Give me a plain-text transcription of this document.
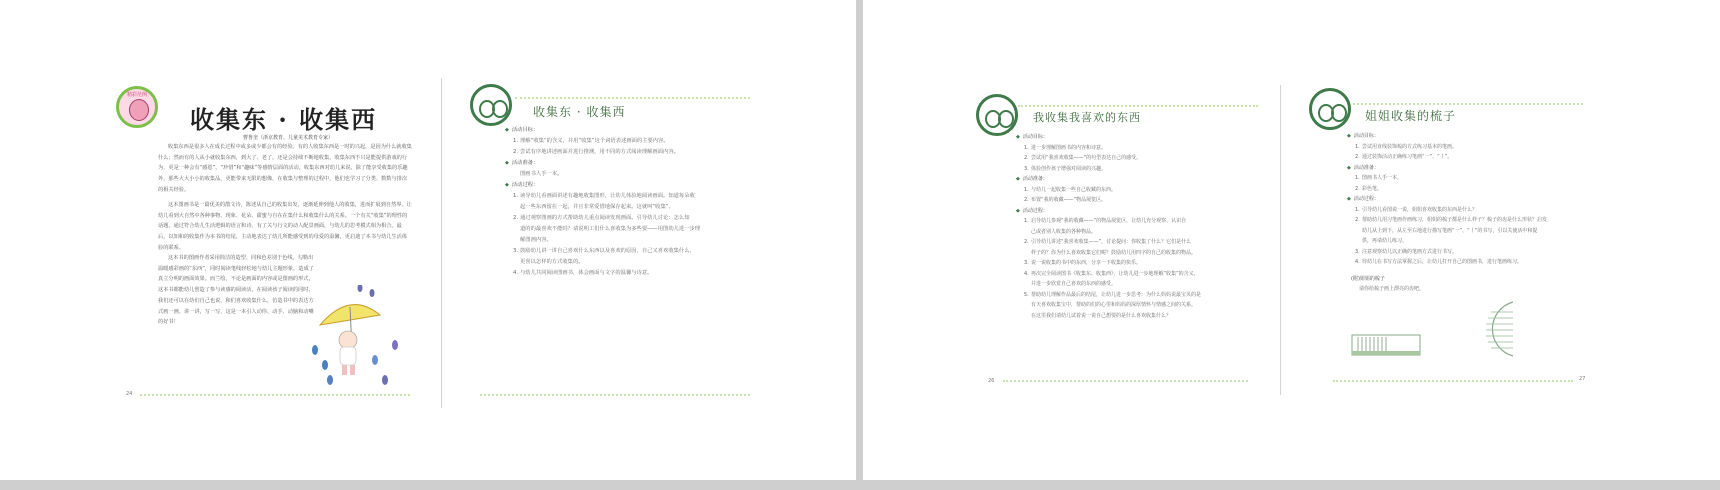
精彩范例
收集东 · 收集西
曹鲁奎（浙京教育、儿童美术教育专家）

收集东西是很多人在成长过程中或多或少都会有的经验。有的人收集东西是一时的兴起，是因为什么就收集什么；然而有的人从小就收集东西，到大了、老了，还是会持续不断地收集。收集东西不只是能提供游戏的行为，更是一种会有“感恩”、“珍惜”和“趣味”等感情层面的活动。收集东西对幼儿来说，除了能享受收集的乐趣外，那些大大小小的收集品，更能带来无限的想像，在收集与整理的过程中，他们也学习了分类、数数与排次的相关经验。

这本图画书是一篇优美的散文诗，陈述从自己的收集出发，逐渐延伸到他人的收集，进而扩展到自然界。让幼儿看到大自然中各种事物、现象、花朵、甜蜜与自在在集什么和收集什么的关系。一个有关“收集”的理性的话题，通过符合幼儿生活逻辑的语言和诗、有了关与行文的动人配景画面，与幼儿的思考模式相为相合。最后，以知和的收集作为本书的结尾，主动地表达了幼儿所能感受到的母爱的温馨，更启迪了本书与幼儿生活体验的联系。

这本书的图画作者采用简洁的造型、同和色差别于色线，勾勒出温暖感彩画的“东西”，同时阅读笔线轻松地与幼儿主题形象，造成了真立分明的画面效果。而兰绘，不论是画面的内容或是图画的形式，这本书都能幼儿创造了参与读感的阅读活，在阅读孩子阅读的同时，我们还可以在幼们自己也说，和们喜欢收集什么，仿造书中的表达方式画一画、讲一讲，写一写，这是一本引人动你、动手、动脑和动嘴的好书！

24
收集东 · 收集西
◆ 活动目标：
1. 理解“收集”的含义，并用“收集”这个词语表述画面的主要内容。
2. 尝试有序地讲述画面并进行推测，用不同的方式阅读理解画面内容。
◆ 活动准备：
图画书人手一本。
◆ 活动过程：
1. 读导幼儿看画面讲述有趣地收集图形，让幼儿体验地阅读画面。知道每朵收
起一些东西留在一起，并且非常爱惜地保存起来。这就叫“收集”。
2. 通过观察图画的方式帮助幼儿重点阅读发现画面。引导幼儿讨论：怎么知
道的的最喜欢不能吗？请说明工们什么喜收集为多些要——用图幼儿进一步理
解图画内容。
3. 鼓励幼儿讲一讲自己喜欢什么东西以及喜欢的原因，自己又喜欢收集什么，
更喜以怎样的方式收集的。
4. 与幼儿共同阅读图画书，体会画面与文字的温馨与诗意。
我收集我喜欢的东西
◆ 活动目标：
1. 进一步理解图画书的内容和诗意。
2. 尝试用“我喜欢收集——”的句型表达自己的感受。
3. 体验创作孩子增强对阅读的兴趣。
◆ 活动准备：
1. 与幼儿一起收集一些自己收藏的东西。
2. 布置“我的收藏——”物品展览区。
◆ 活动过程：
1. 启导幼儿参观“我的收藏——”的物品展览区，让幼儿充分观察、认识自
己或者别人收集的各种物品。
2. 引导幼儿讲述“我喜欢收集——”，讨论提问：你收集了什么？它们是什么
样子的？你为什么喜欢收集它们呢？鼓励幼儿用四字的自己的收集的物品。
3. 说一说收集的书中的东西，分享一下收集的快乐。
4. 再次完全阅读图书《收集东、收集西》，让幼儿进一步地理解“收集”的含义，
并进一步欣赏自己喜欢的东西的感受。
5. 帮助幼儿理解作品最后的结尾，让幼儿进一步思考：为什么妈妈说最宝贝的是
有天喜欢收集宝中，帮助的们的心里和妈妈的深厚情怀与情感之间的关系。
在这里我们请幼儿试着说一说自己想要的是什么喜欢收集什么？
26
姐姐收集的梳子
◆ 活动目标：
1. 尝试用直线装饰梳的方式练习基本的笔画。
2. 通过装饰活动正确练习笔画“一”、“丨”。
◆ 活动准备：
1. 图画书人手一本。
2. 彩色笔。
◆ 活动过程：
1. 引导幼儿看图说一说，姐姐喜欢收集的东西是什么？
2. 帮助幼儿用习笔画作画练习，姐姐的梳子都是什么样子？梳子的齿是什么形状？启发
幼儿从上到下，从左至右地进行描写笔画“一”、“丨”的书写，引以关使活中和提
供，再请幼儿练习。
3. 注意观察幼儿以正确的笔画方式进行书写。
4. 待幼儿在书写方法掌握之后，让幼儿打开自己的图画书，进行笔画练习。
(附)姐姐的梳子
请你给梳子画上漂亮的齿吧。
27
